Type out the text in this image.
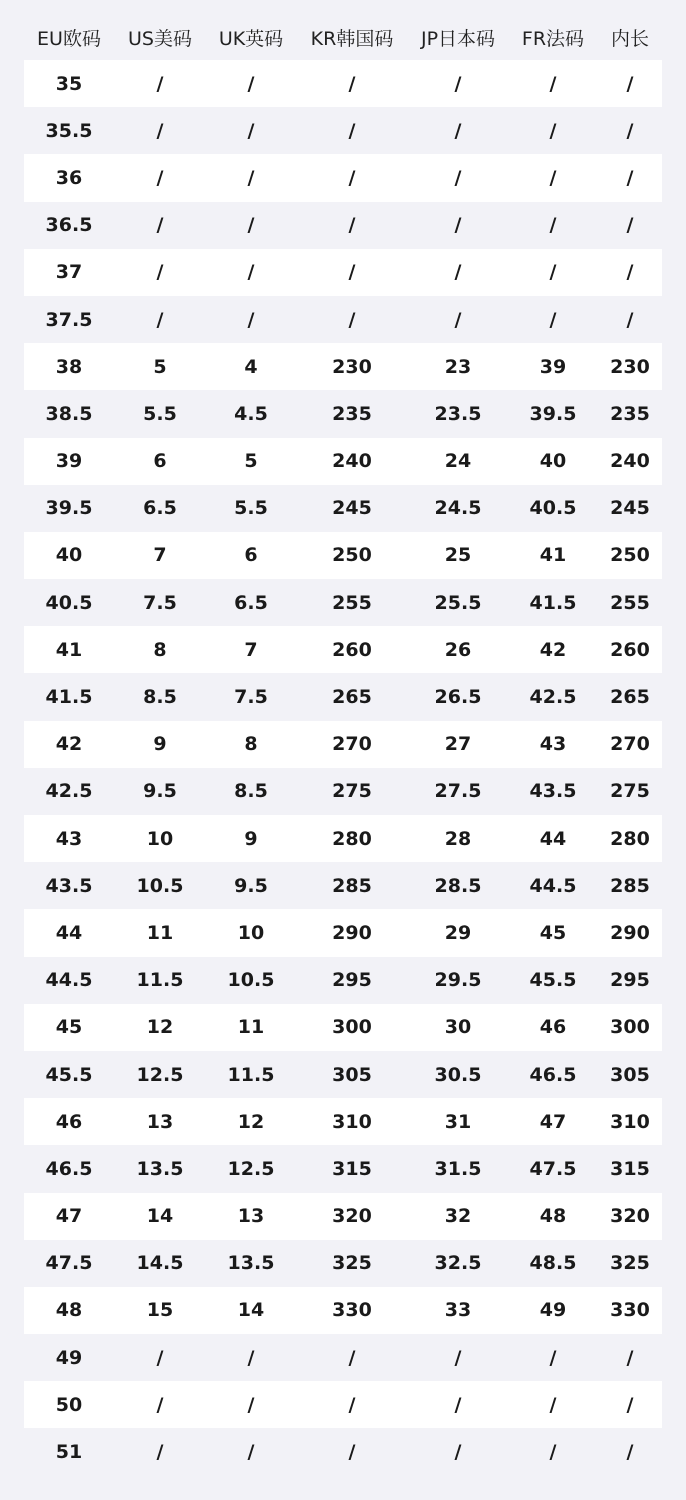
EU欧码	US美码	UK英码	KR韩国码	JP日本码	FR法码	内长
35	/	/	/	/	/	/
35.5	/	/	/	/	/	/
36	/	/	/	/	/	/
36.5	/	/	/	/	/	/
37	/	/	/	/	/	/
37.5	/	/	/	/	/	/
38	5	4	230	23	39	230
38.5	5.5	4.5	235	23.5	39.5	235
39	6	5	240	24	40	240
39.5	6.5	5.5	245	24.5	40.5	245
40	7	6	250	25	41	250
40.5	7.5	6.5	255	25.5	41.5	255
41	8	7	260	26	42	260
41.5	8.5	7.5	265	26.5	42.5	265
42	9	8	270	27	43	270
42.5	9.5	8.5	275	27.5	43.5	275
43	10	9	280	28	44	280
43.5	10.5	9.5	285	28.5	44.5	285
44	11	10	290	29	45	290
44.5	11.5	10.5	295	29.5	45.5	295
45	12	11	300	30	46	300
45.5	12.5	11.5	305	30.5	46.5	305
46	13	12	310	31	47	310
46.5	13.5	12.5	315	31.5	47.5	315
47	14	13	320	32	48	320
47.5	14.5	13.5	325	32.5	48.5	325
48	15	14	330	33	49	330
49	/	/	/	/	/	/
50	/	/	/	/	/	/
51	/	/	/	/	/	/
